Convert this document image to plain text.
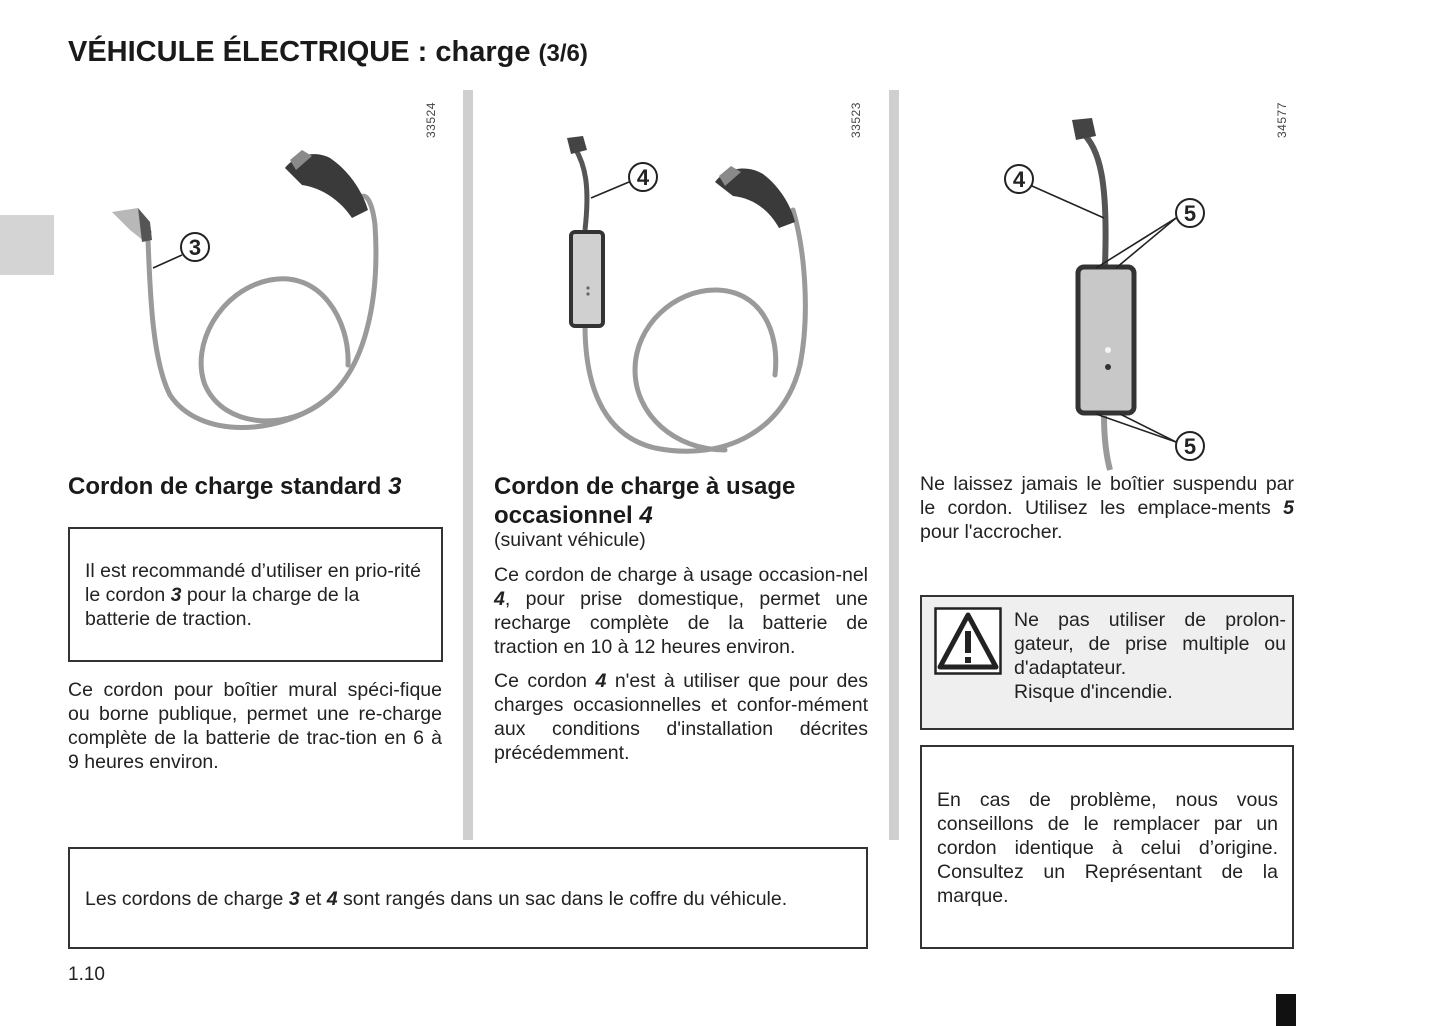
VÉHICULE ÉLECTRIQUE : charge (3/6)
33524	33523	34577
3
4	4
5
5
Cordon de charge standard 3
Il est recommandé d’utiliser en prio-rité le cordon 3 pour la charge de la batterie de traction.
Ce cordon pour boîtier mural spéci-fique ou borne publique, permet une re-charge complète de la batterie de trac-tion en 6 à 9 heures environ.
Cordon de charge à usage
occasionnel 4
(suivant véhicule)
Ce cordon de charge à usage occasion-nel 4, pour prise domestique, permet une recharge complète de la batterie de traction en 10 à 12 heures environ.
Ce cordon 4 n'est à utiliser que pour des charges occasionnelles et confor-mément aux conditions d'installation décrites précédemment.
Ne laissez jamais le boîtier suspendu par le cordon. Utilisez les emplace-ments 5 pour l'accrocher.
Ne pas utiliser de prolon-gateur, de prise multiple ou d'adaptateur.
Risque d'incendie.
En cas de problème, nous vous conseillons de le remplacer par un cordon identique à celui d’origine. Consultez un Représentant de la marque.
Les cordons de charge 3 et 4 sont rangés dans un sac dans le coffre du véhicule.
1.10
